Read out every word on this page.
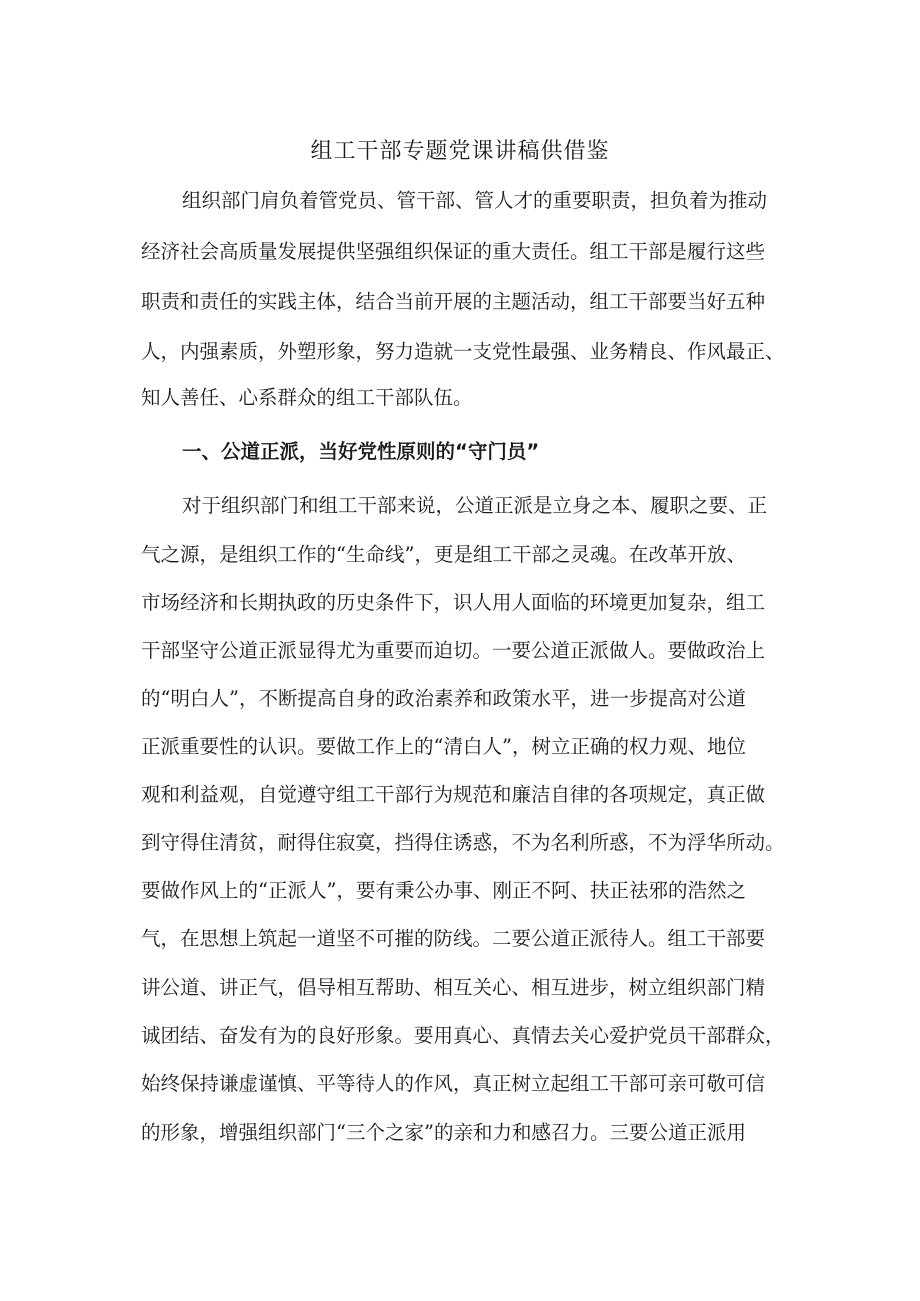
组工干部专题党课讲稿供借鉴
组织部门肩负着管党员、管干部、管人才的重要职责，担负着为推动
经济社会高质量发展提供坚强组织保证的重大责任。组工干部是履行这些
职责和责任的实践主体，结合当前开展的主题活动，组工干部要当好五种
人，内强素质，外塑形象，努力造就一支党性最强、业务精良、作风最正、
知人善任、心系群众的组工干部队伍。
一、公道正派，当好党性原则的“守门员”
对于组织部门和组工干部来说，公道正派是立身之本、履职之要、正
气之源，是组织工作的“生命线”，更是组工干部之灵魂。在改革开放、
市场经济和长期执政的历史条件下，识人用人面临的环境更加复杂，组工
干部坚守公道正派显得尤为重要而迫切。一要公道正派做人。要做政治上
的“明白人”，不断提高自身的政治素养和政策水平，进一步提高对公道
正派重要性的认识。要做工作上的“清白人”，树立正确的权力观、地位
观和利益观，自觉遵守组工干部行为规范和廉洁自律的各项规定，真正做
到守得住清贫，耐得住寂寞，挡得住诱惑，不为名利所惑，不为浮华所动。
要做作风上的“正派人”，要有秉公办事、刚正不阿、扶正祛邪的浩然之
气，在思想上筑起一道坚不可摧的防线。二要公道正派待人。组工干部要
讲公道、讲正气，倡导相互帮助、相互关心、相互进步，树立组织部门精
诚团结、奋发有为的良好形象。要用真心、真情去关心爱护党员干部群众，
始终保持谦虚谨慎、平等待人的作风，真正树立起组工干部可亲可敬可信
的形象，增强组织部门“三个之家”的亲和力和感召力。三要公道正派用
